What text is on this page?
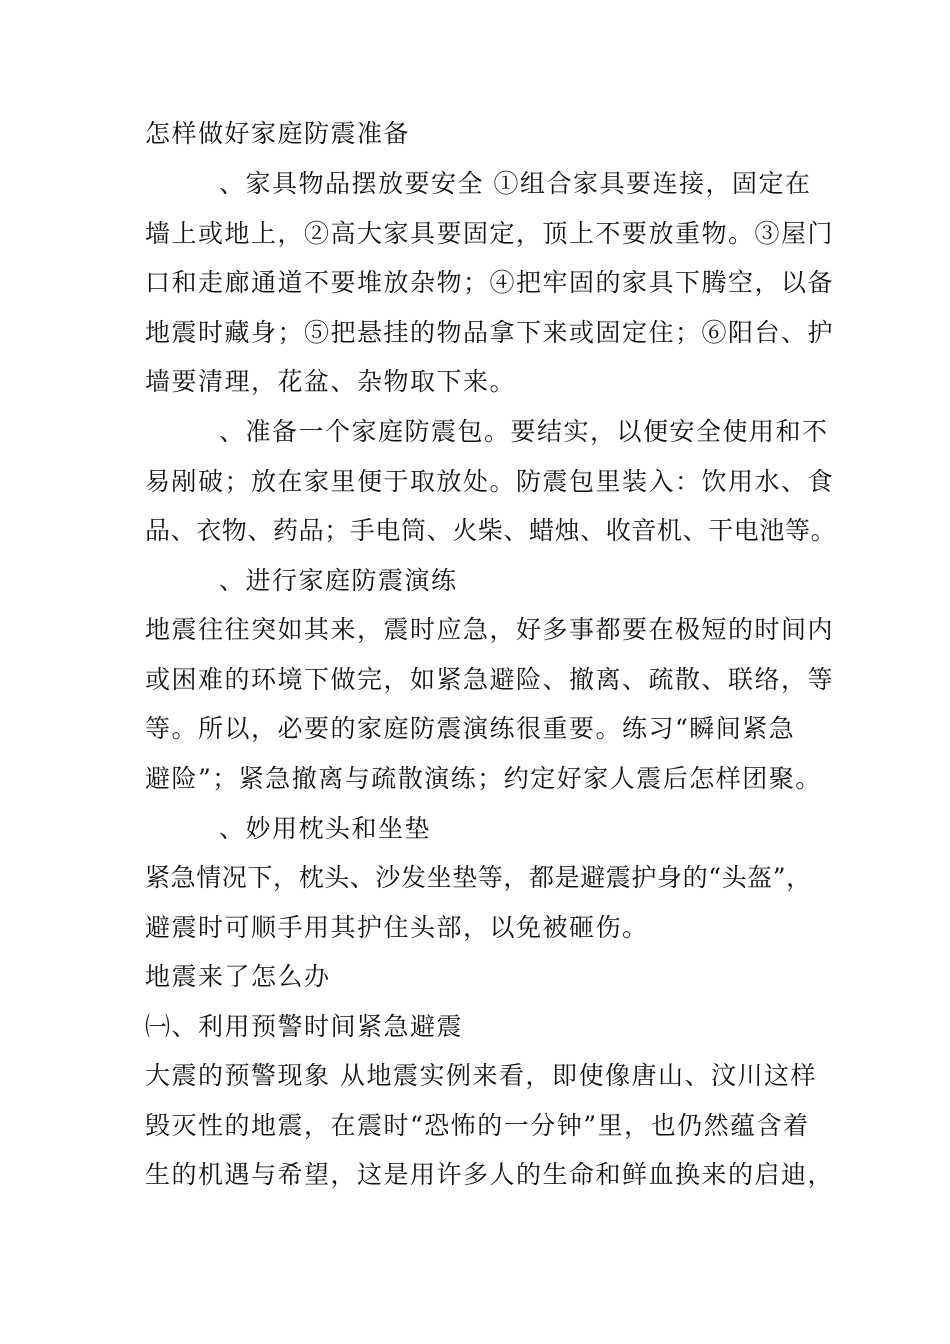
怎样做好家庭防震准备
、家具物品摆放要安全 ①组合家具要连接，固定在
墙上或地上，②高大家具要固定，顶上不要放重物。③屋门
口和走廊通道不要堆放杂物；④把牢固的家具下腾空，以备
地震时藏身；⑤把悬挂的物品拿下来或固定住；⑥阳台、护
墙要清理，花盆、杂物取下来。
、准备一个家庭防震包。要结实，以便安全使用和不
易剐破；放在家里便于取放处。防震包里装入：饮用水、食
品、衣物、药品；手电筒、火柴、蜡烛、收音机、干电池等。
、进行家庭防震演练
地震往往突如其来，震时应急，好多事都要在极短的时间内
或困难的环境下做完，如紧急避险、撤离、疏散、联络，等
等。所以，必要的家庭防震演练很重要。练习“瞬间紧急
避险”；紧急撤离与疏散演练；约定好家人震后怎样团聚。
、妙用枕头和坐垫
紧急情况下，枕头、沙发坐垫等，都是避震护身的“头盔”，
避震时可顺手用其护住头部，以免被砸伤。
地震来了怎么办
㈠、利用预警时间紧急避震
大震的预警现象 从地震实例来看，即使像唐山、汶川这样
毁灭性的地震，在震时“恐怖的一分钟”里，也仍然蕴含着
生的机遇与希望，这是用许多人的生命和鲜血换来的启迪，
